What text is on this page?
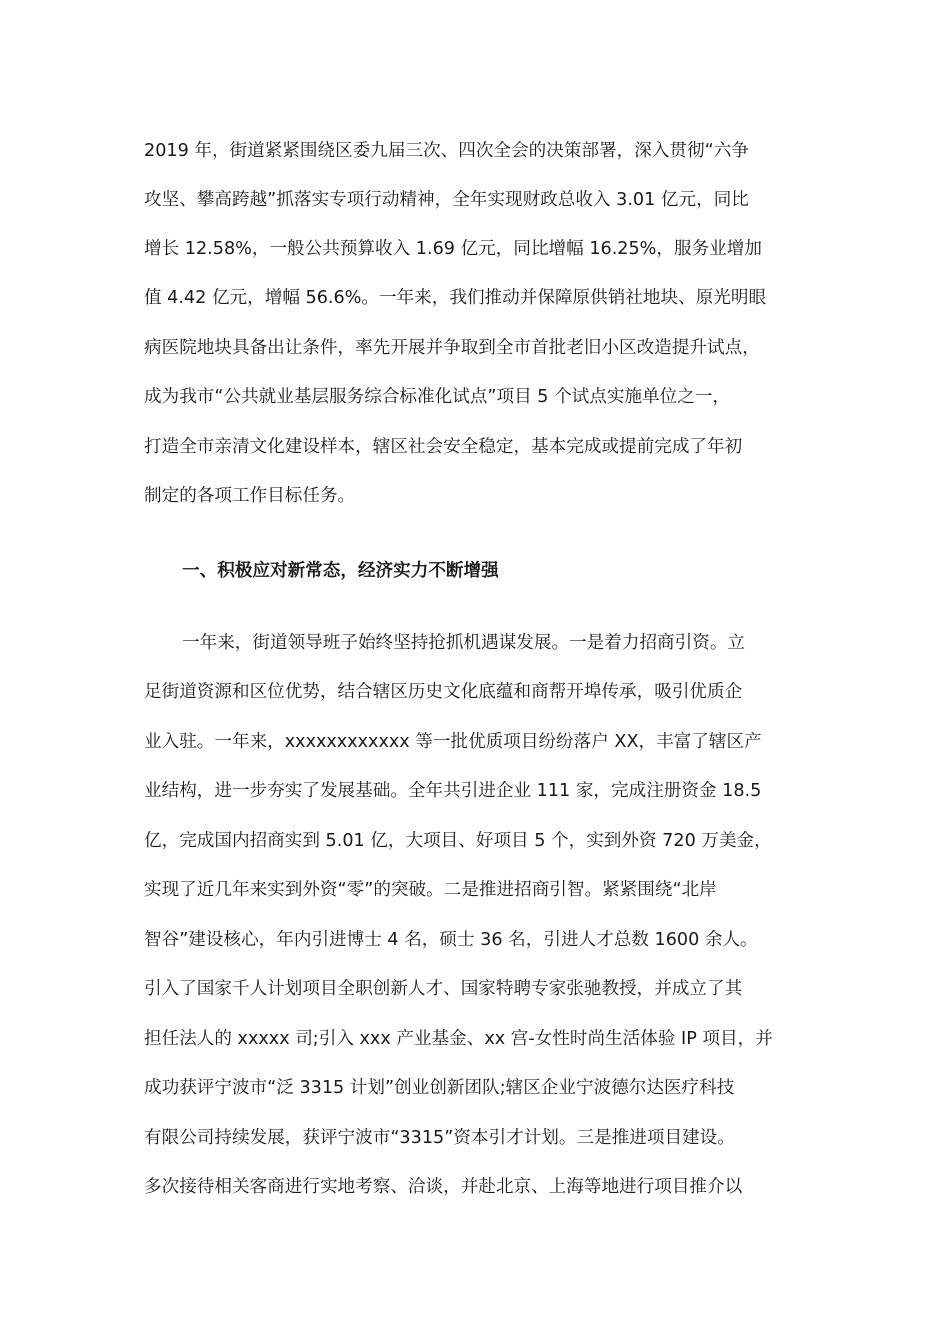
2019 年，街道紧紧围绕区委九届三次、四次全会的决策部署，深入贯彻“六争
攻坚、攀高跨越”抓落实专项行动精神，全年实现财政总收入 3.01 亿元，同比
增长 12.58%，一般公共预算收入 1.69 亿元，同比增幅 16.25%，服务业增加
值 4.42 亿元，增幅 56.6%。一年来，我们推动并保障原供销社地块、原光明眼
病医院地块具备出让条件，率先开展并争取到全市首批老旧小区改造提升试点，
成为我市“公共就业基层服务综合标准化试点”项目 5 个试点实施单位之一，
打造全市亲清文化建设样本，辖区社会安全稳定，基本完成或提前完成了年初
制定的各项工作目标任务。
一、积极应对新常态，经济实力不断增强
一年来，街道领导班子始终坚持抢抓机遇谋发展。一是着力招商引资。立
足街道资源和区位优势，结合辖区历史文化底蕴和商帮开埠传承，吸引优质企
业入驻。一年来，xxxxxxxxxxxx 等一批优质项目纷纷落户 XX，丰富了辖区产
业结构，进一步夯实了发展基础。全年共引进企业 111 家，完成注册资金 18.5
亿，完成国内招商实到 5.01 亿，大项目、好项目 5 个，实到外资 720 万美金，
实现了近几年来实到外资“零”的突破。二是推进招商引智。紧紧围绕“北岸
智谷”建设核心，年内引进博士 4 名，硕士 36 名，引进人才总数 1600 余人。
引入了国家千人计划项目全职创新人才、国家特聘专家张驰教授，并成立了其
担任法人的 xxxxx 司;引入 xxx 产业基金、xx 宫-女性时尚生活体验 IP 项目，并
成功获评宁波市“泛 3315 计划”创业创新团队;辖区企业宁波德尔达医疗科技
有限公司持续发展，获评宁波市“3315”资本引才计划。三是推进项目建设。
多次接待相关客商进行实地考察、洽谈，并赴北京、上海等地进行项目推介以
